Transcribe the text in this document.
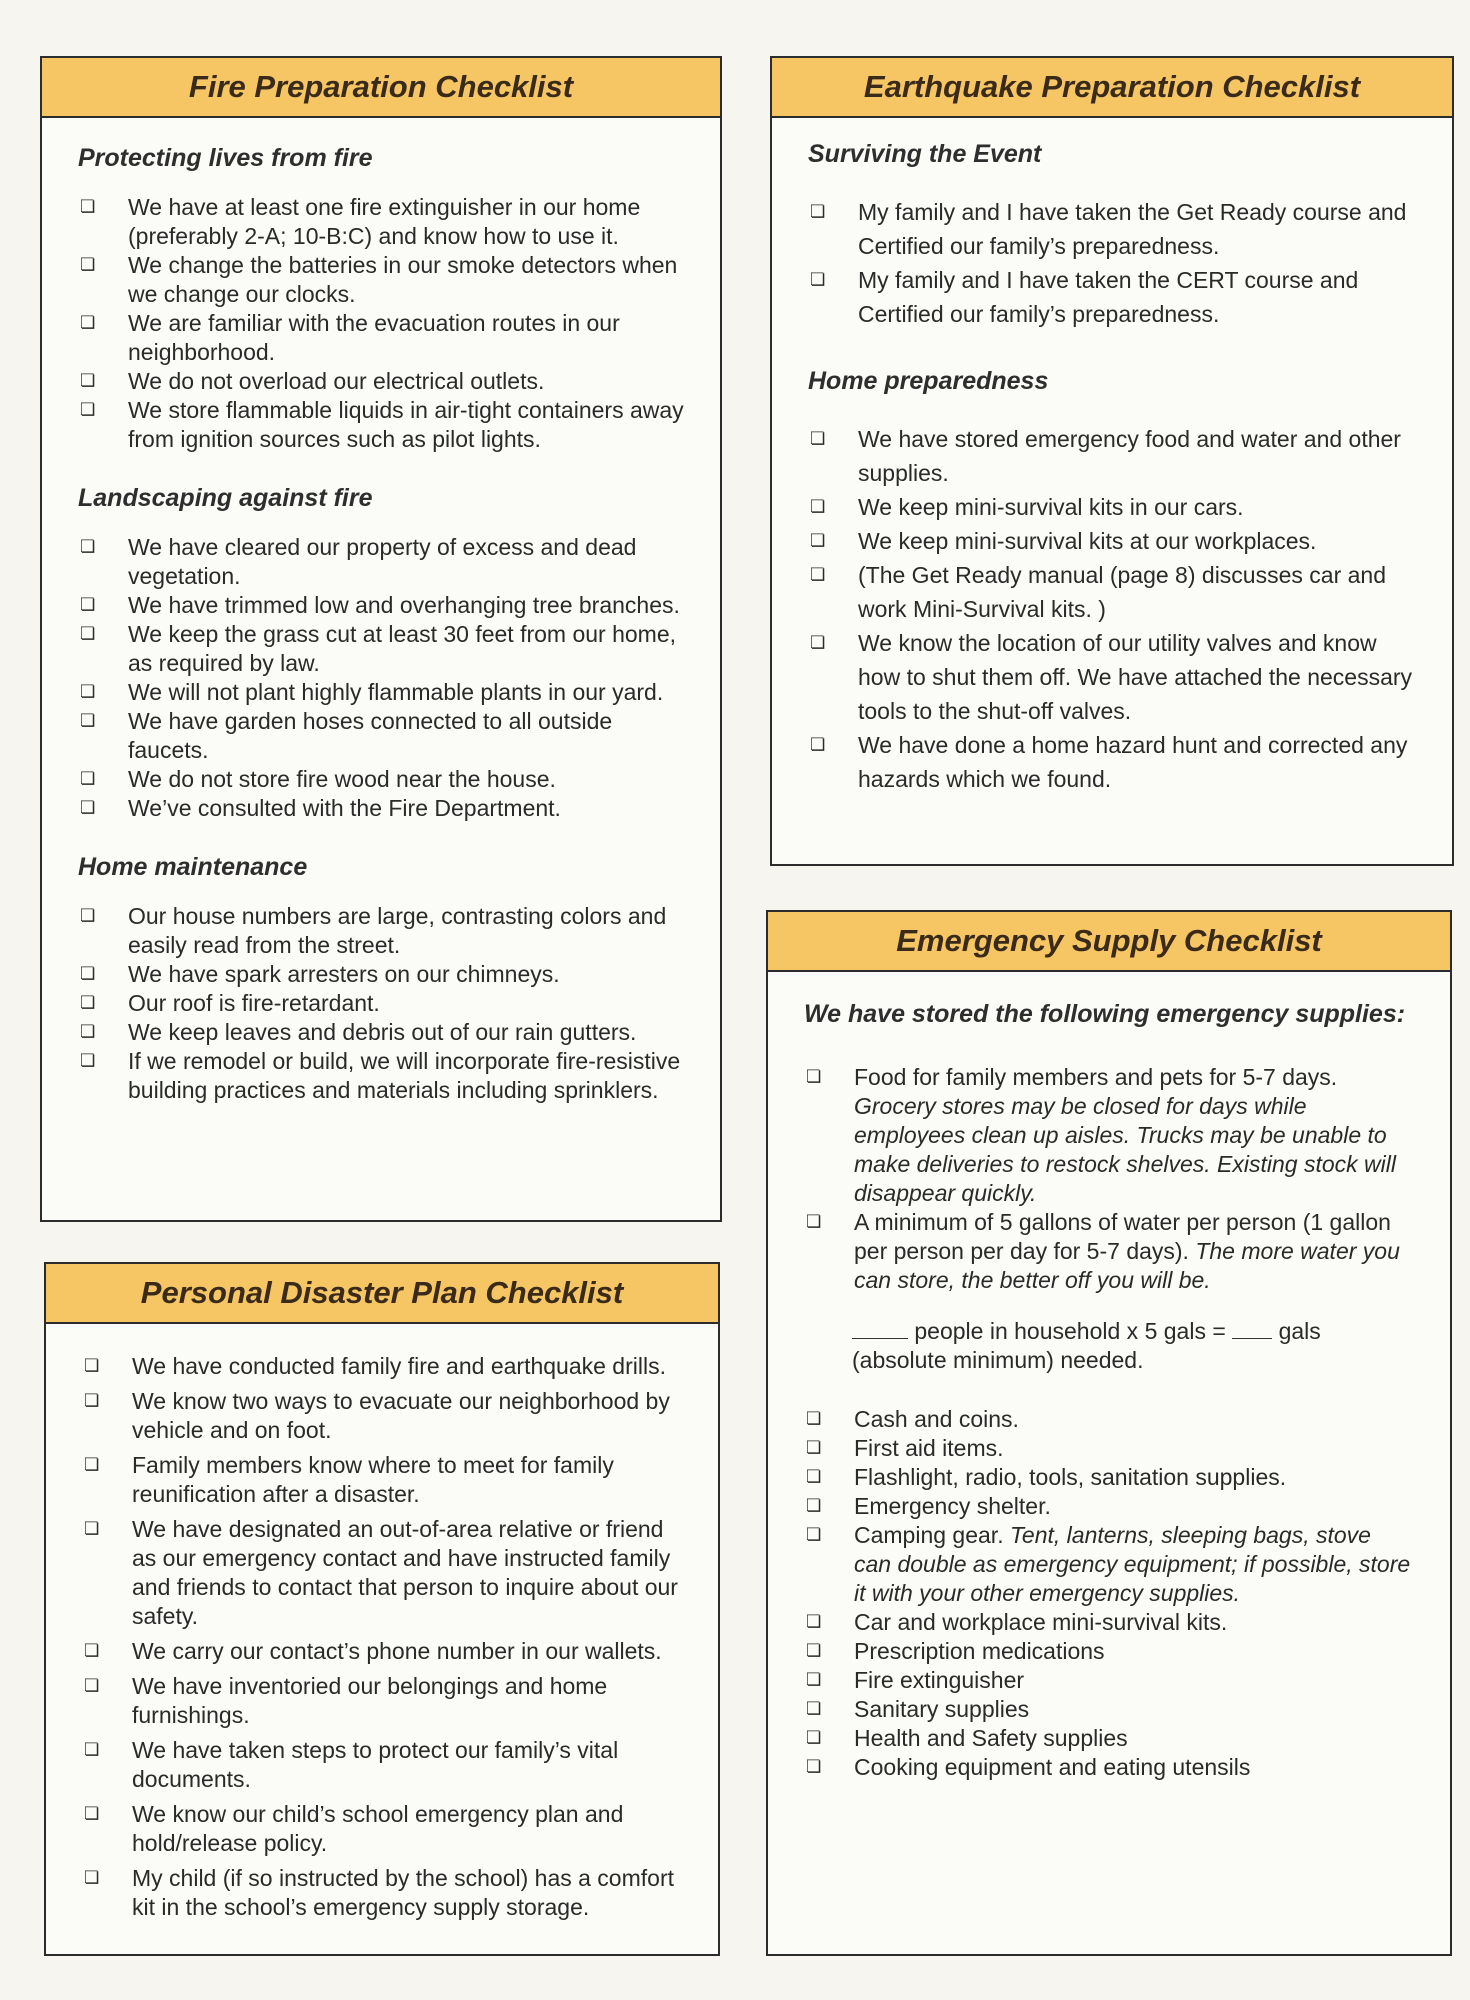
Fire Preparation Checklist
Protecting lives from fire
❏	We have at least one fire extinguisher in our home (preferably 2-A; 10-B:C) and know how to use it.
❏	We change the batteries in our smoke detectors when we change our clocks.
❏	We are familiar with the evacuation routes in our neighborhood.
❏	We do not overload our electrical outlets.
❏	We store flammable liquids in air-tight containers away from ignition sources such as pilot lights.
Landscaping against fire
❏	We have cleared our property of excess and dead vegetation.
❏	We have trimmed low and overhanging tree branches.
❏	We keep the grass cut at least 30 feet from our home, as required by law.
❏	We will not plant highly flammable plants in our yard.
❏	We have garden hoses connected to all outside faucets.
❏	We do not store fire wood near the house.
❏	We’ve consulted with the Fire Department.
Home maintenance
❏	Our house numbers are large, contrasting colors and easily read from the street.
❏	We have spark arresters on our chimneys.
❏	Our roof is fire-retardant.
❏	We keep leaves and debris out of our rain gutters.
❏	If we remodel or build, we will incorporate fire-resistive building practices and materials including sprinklers.
Personal Disaster Plan Checklist
❏	We have conducted family fire and earthquake drills.
❏	We know two ways to evacuate our neighborhood by vehicle and on foot.
❏	Family members know where to meet for family reunification after a disaster.
❏	We have designated an out-of-area relative or friend as our emergency contact and have instructed family and friends to contact that person to inquire about our safety.
❏	We carry our contact’s phone number in our wallets.
❏	We have inventoried our belongings and home furnishings.
❏	We have taken steps to protect our family’s vital documents.
❏	We know our child’s school emergency plan and hold/release policy.
❏	My child (if so instructed by the school) has a comfort kit in the school’s emergency supply storage.
Earthquake Preparation Checklist
Surviving the Event
❏	My family and I have taken the Get Ready course and Certified our family’s preparedness.
❏	My family and I have taken the CERT course and Certified our family’s preparedness.
Home preparedness
❏	We have stored emergency food and water and other supplies.
❏	We keep mini-survival kits in our cars.
❏	We keep mini-survival kits at our workplaces.
❏	(The Get Ready manual (page 8) discusses car and work Mini-Survival kits. )
❏	We know the location of our utility valves and know how to shut them off. We have attached the necessary tools to the shut-off valves.
❏	We have done a home hazard hunt and corrected any hazards which we found.
Emergency Supply Checklist
We have stored the following emergency supplies:
❏	Food for family members and pets for 5-7 days. Grocery stores may be closed for days while employees clean up aisles. Trucks may be unable to make deliveries to restock shelves. Existing stock will disappear quickly.
❏	A minimum of 5 gallons of water per person (1 gallon per person per day for 5-7 days). The more water you can store, the better off you will be.
people in household x 5 gals = gals
(absolute minimum) needed.
❏	Cash and coins.
❏	First aid items.
❏	Flashlight, radio, tools, sanitation supplies.
❏	Emergency shelter.
❏	Camping gear. Tent, lanterns, sleeping bags, stove can double as emergency equipment; if possible, store it with your other emergency supplies.
❏	Car and workplace mini-survival kits.
❏	Prescription medications
❏	Fire extinguisher
❏	Sanitary supplies
❏	Health and Safety supplies
❏	Cooking equipment and eating utensils
